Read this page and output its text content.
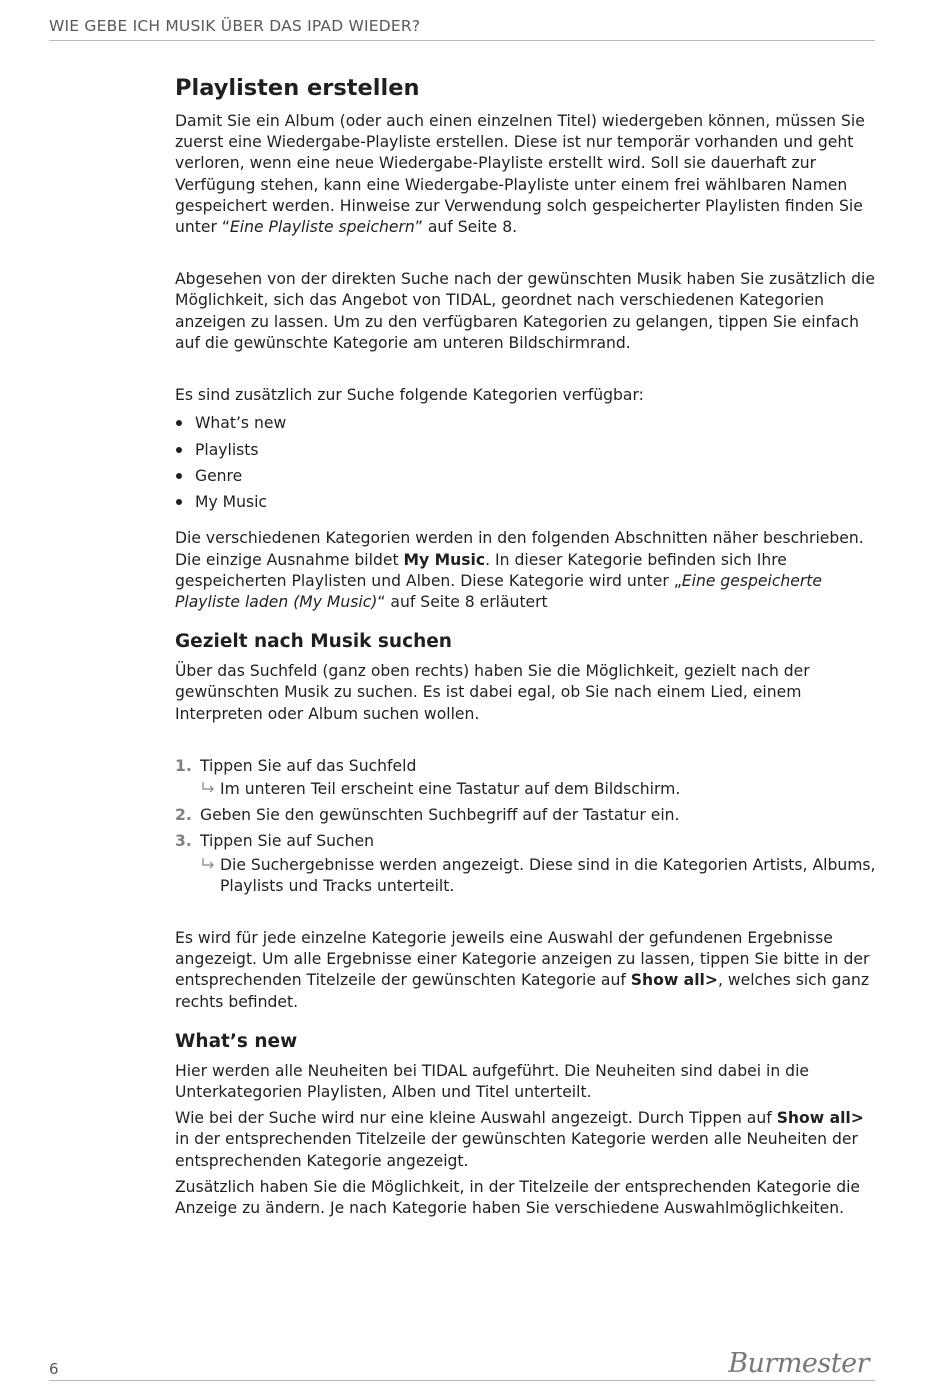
WIE GEBE ICH MUSIK ÜBER DAS IPAD WIEDER?
Playlisten erstellen

Damit Sie ein Album (oder auch einen einzelnen Titel) wiedergeben können, müssen Sie zuerst eine Wiedergabe-Playliste erstellen. Diese ist nur temporär vorhanden und geht verloren, wenn eine neue Wiedergabe-Playliste erstellt wird. Soll sie dauerhaft zur Verfügung stehen, kann eine Wiedergabe-Playliste unter einem frei wählbaren Namen gespeichert werden. Hinweise zur Verwendung solch gespeicherter Playlisten finden Sie unter “Eine Playliste speichern” auf Seite 8.

Abgesehen von der direkten Suche nach der gewünschten Musik haben Sie zusätzlich die Möglichkeit, sich das Angebot von TIDAL, geordnet nach verschiedenen Kategorien anzeigen zu lassen. Um zu den verfügbaren Kategorien zu gelangen, tippen Sie einfach auf die gewünschte Kategorie am unteren Bildschirmrand.

Es sind zusätzlich zur Suche folgende Kategorien verfügbar:

What’s new
Playlists
Genre
My Music

Die verschiedenen Kategorien werden in den folgenden Abschnitten näher beschrieben. Die einzige Ausnahme bildet My Music. In dieser Kategorie befinden sich Ihre gespeicherten Playlisten und Alben. Diese Kategorie wird unter „Eine gespeicherte Playliste laden (My Music)“ auf Seite 8 erläutert

Gezielt nach Musik suchen

Über das Suchfeld (ganz oben rechts) haben Sie die Möglichkeit, gezielt nach der gewünschten Musik zu suchen. Es ist dabei egal, ob Sie nach einem Lied, einem Interpreten oder Album suchen wollen.

1. Tippen Sie auf das Suchfeld
Im unteren Teil erscheint eine Tastatur auf dem Bildschirm.
2. Geben Sie den gewünschten Suchbegriff auf der Tastatur ein.
3. Tippen Sie auf Suchen
Die Suchergebnisse werden angezeigt. Diese sind in die Kategorien Artists, Albums, Playlists und Tracks unterteilt.

Es wird für jede einzelne Kategorie jeweils eine Auswahl der gefundenen Ergebnisse angezeigt. Um alle Ergebnisse einer Kategorie anzeigen zu lassen, tippen Sie bitte in der entsprechenden Titelzeile der gewünschten Kategorie auf Show all>, welches sich ganz rechts befindet.

What’s new

Hier werden alle Neuheiten bei TIDAL aufgeführt. Die Neuheiten sind dabei in die Unterkategorien Playlisten, Alben und Titel unterteilt.

Wie bei der Suche wird nur eine kleine Auswahl angezeigt. Durch Tippen auf Show all> in der entsprechenden Titelzeile der gewünschten Kategorie werden alle Neuheiten der entsprechenden Kategorie angezeigt.

Zusätzlich haben Sie die Möglichkeit, in der Titelzeile der entsprechenden Kategorie die Anzeige zu ändern. Je nach Kategorie haben Sie verschiedene Auswahlmöglichkeiten.

6	Burmester
